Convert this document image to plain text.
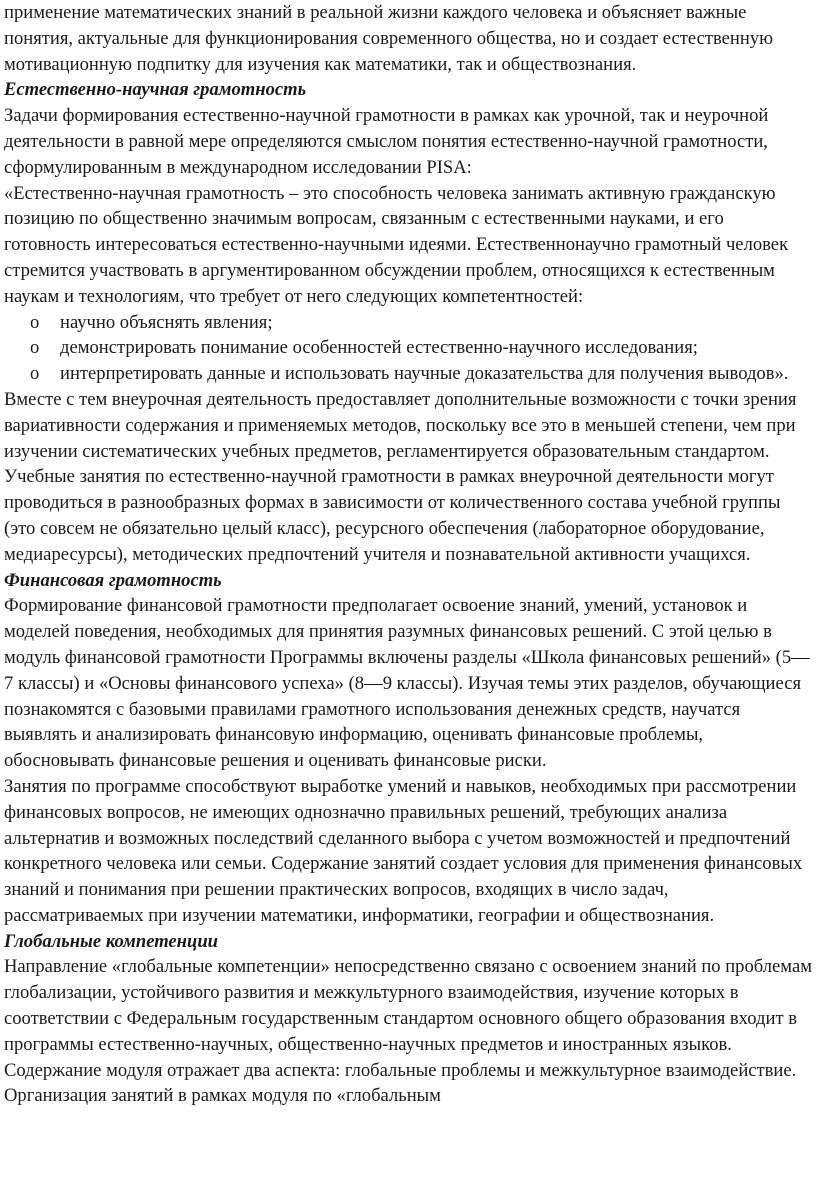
применение математических знаний в реальной жизни каждого человека и объясняет важные понятия, актуальные для функционирования современного общества, но и создает естественную мотивационную подпитку для изучения как математики, так и обществознания.

Естественно-научная грамотность

Задачи формирования естественно-научной грамотности в рамках как урочной, так и неурочной деятельности в равной мере определяются смыслом понятия естественно-научной грамотности, сформулированным в международном исследовании PISA:

«Естественно-научная грамотность – это способность человека занимать активную гражданскую позицию по общественно значимым вопросам, связанным с естественными науками, и его готовность интересоваться естественно-научными идеями. Естественнонаучно грамотный человек стремится участвовать в аргументированном обсуждении проблем, относящихся к естественным наукам и технологиям, что требует от него следующих компетентностей:

o научно объяснять явления;
o демонстрировать понимание особенностей естественно-научного исследования;
o интерпретировать данные и использовать научные доказательства для получения выводов».

Вместе с тем внеурочная деятельность предоставляет дополнительные возможности с точки зрения вариативности содержания и применяемых методов, поскольку все это в меньшей степени, чем при изучении систематических учебных предметов, регламентируется образовательным стандартом. Учебные занятия по естественно-научной грамотности в рамках внеурочной деятельности могут проводиться в разнообразных формах в зависимости от количественного состава учебной группы (это совсем не обязательно целый класс), ресурсного обеспечения (лабораторное оборудование, медиаресурсы), методических предпочтений учителя и познавательной активности учащихся.

Финансовая грамотность

Формирование финансовой грамотности предполагает освоение знаний, умений, установок и моделей поведения, необходимых для принятия разумных финансовых решений. С этой целью в модуль финансовой грамотности Программы включены разделы «Школа финансовых решений» (5—7 классы) и «Основы финансового успеха» (8—9 классы). Изучая темы этих разделов, обучающиеся познакомятся с базовыми правилами грамотного использования денежных средств, научатся выявлять и анализировать финансовую информацию, оценивать финансовые проблемы, обосновывать финансовые решения и оценивать финансовые риски.

Занятия по программе способствуют выработке умений и навыков, необходимых при рассмотрении финансовых вопросов, не имеющих однозначно правильных решений, требующих анализа альтернатив и возможных последствий сделанного выбора с учетом возможностей и предпочтений конкретного человека или семьи. Содержание занятий создает условия для применения финансовых знаний и понимания при решении практических вопросов, входящих в число задач, рассматриваемых при изучении математики, информатики, географии и обществознания.

Глобальные компетенции

Направление «глобальные компетенции» непосредственно связано с освоением знаний по проблемам глобализации, устойчивого развития и межкультурного взаимодействия, изучение которых в соответствии с Федеральным государственным стандартом основного общего образования входит в программы естественно-научных, общественно-научных предметов и иностранных языков. Содержание модуля отражает два аспекта: глобальные проблемы и межкультурное взаимодействие. Организация занятий в рамках модуля по «глобальным
